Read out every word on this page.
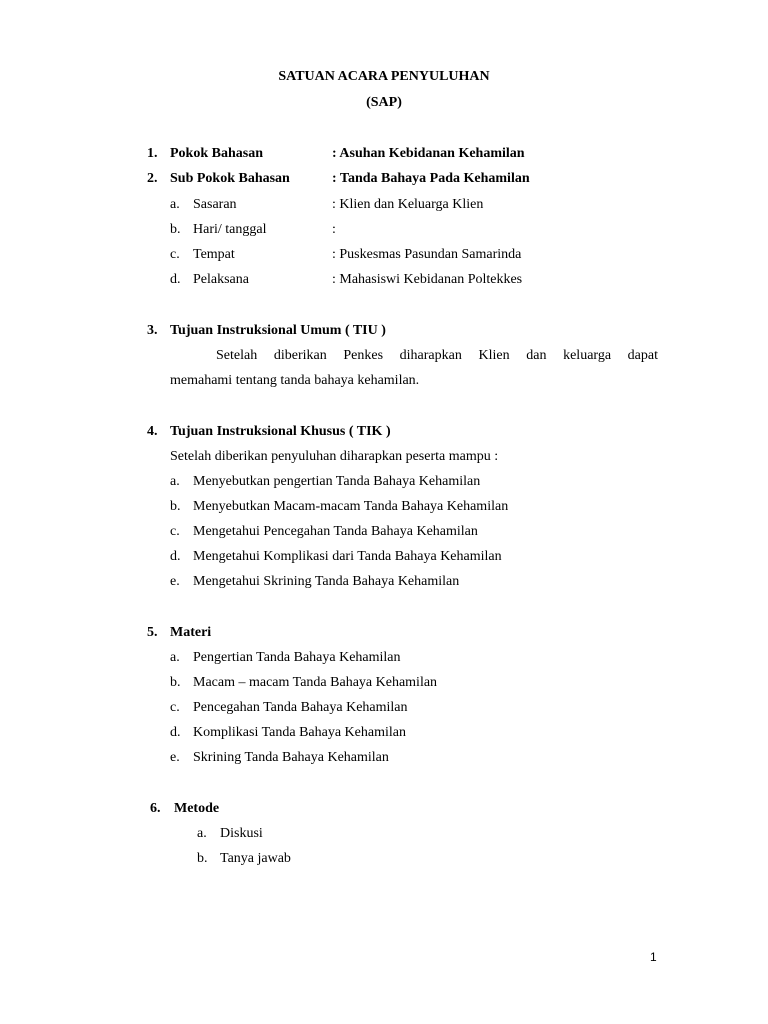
SATUAN ACARA PENYULUHAN
(SAP)
1. Pokok Bahasan	: Asuhan Kebidanan Kehamilan
2. Sub Pokok Bahasan	: Tanda Bahaya Pada Kehamilan
a. Sasaran	: Klien dan Keluarga Klien
b. Hari/ tanggal	:
c. Tempat	: Puskesmas Pasundan Samarinda
d. Pelaksana	: Mahasiswi Kebidanan Poltekkes
3. Tujuan Instruksional Umum ( TIU )
Setelah diberikan Penkes diharapkan Klien dan keluarga dapat
memahami tentang tanda bahaya kehamilan.
4. Tujuan Instruksional Khusus ( TIK )
Setelah diberikan penyuluhan diharapkan peserta mampu :
a. Menyebutkan pengertian Tanda Bahaya Kehamilan
b. Menyebutkan Macam-macam Tanda Bahaya Kehamilan
c. Mengetahui Pencegahan Tanda Bahaya Kehamilan
d. Mengetahui Komplikasi dari Tanda Bahaya Kehamilan
e. Mengetahui Skrining Tanda Bahaya Kehamilan
5. Materi
a. Pengertian Tanda Bahaya Kehamilan
b. Macam – macam Tanda Bahaya Kehamilan
c. Pencegahan Tanda Bahaya Kehamilan
d. Komplikasi Tanda Bahaya Kehamilan
e. Skrining Tanda Bahaya Kehamilan
6. Metode
a. Diskusi
b. Tanya jawab
1
